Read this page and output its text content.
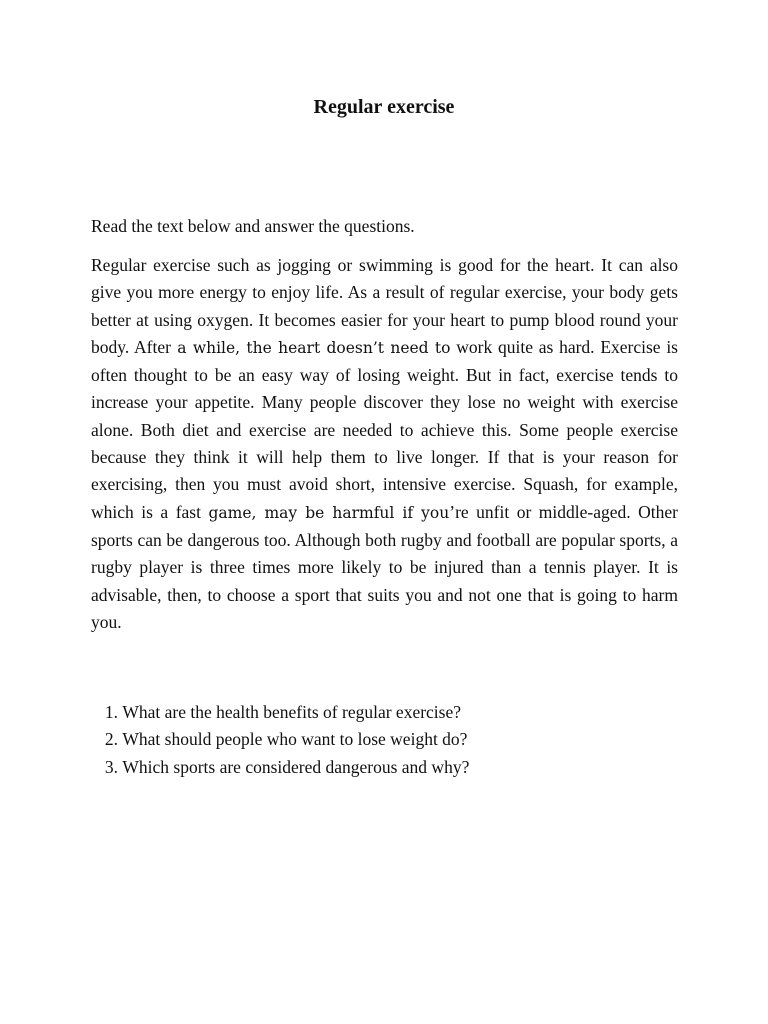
Regular exercise

Read the text below and answer the questions.

Regular exercise such as jogging or swimming is good for the heart. It can also give you more energy to enjoy life. As a result of regular exercise, your body gets better at using oxygen. It becomes easier for your heart to pump blood round your body. After a while, the heart doesn’t need to work quite as hard. Exercise is often thought to be an easy way of losing weight. But in fact, exercise tends to increase your appetite. Many people discover they lose no weight with exercise alone. Both diet and exercise are needed to achieve this. Some people exercise because they think it will help them to live longer. If that is your reason for exercising, then you must avoid short, intensive exercise. Squash, for example, which is a fast game, may be harmful if you’re unfit or middle-aged. Other sports can be dangerous too. Although both rugby and football are popular sports, a rugby player is three times more likely to be injured than a tennis player. It is advisable, then, to choose a sport that suits you and not one that is going to harm you.

1.
What are the health benefits of regular exercise?
2.
What should people who want to lose weight do?
3.
Which sports are considered dangerous and why?
